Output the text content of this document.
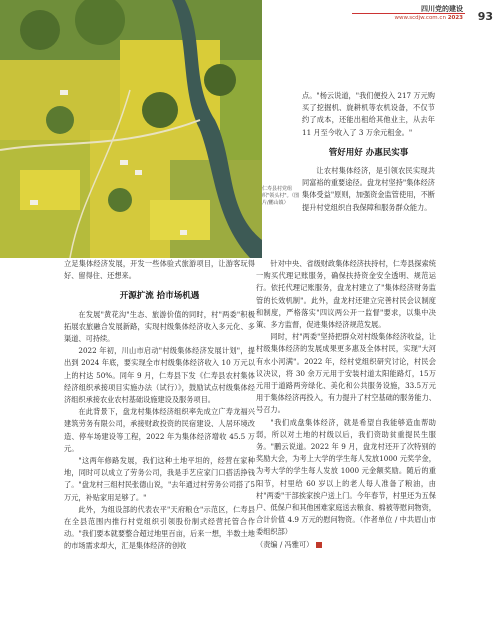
四川党的建设
www.scdjw.com.cn 2023 93
仁寿县村党组织"领头村"。（图片/鹏山镇）

点。"杨云说道，"我们便投入 217 万元购买了挖掘机、旋耕机等农机设备，不仅节约了成本，还能出租给其他业主，从去年 11 月至今收入了 3 万余元租金。"

管好用好 办惠民实事

让农村集体经济，是引领农民实现共同富裕的重要途径。盘龙村坚持"集体经济集体受益"原则，加强资金监管使用，不断提升村党组织自我保障和服务群众能力。

针对中央、省级财政集体经济扶持村，仁寿县探索统一购买代理记账服务，确保扶持资金安全透明、规范运行。依托代理记账服务，盘龙村建立了"集体经济财务监管的长效机制"。此外，盘龙村还建立完善村民会议制度和制度，严格落实"四议两公开一监督"要求，以集中决策、多方监督，促进集体经济规范发展。

同时，村"两委"坚持把群众对村级集体经济收益，让村级集体经济的发展成果更多惠及全体村民，实现"大河有水小河满"。2022 年，经村党组织研究讨论，村民会议决议，将 30 余万元用于安装村道太阳能路灯，15万元用于道路两旁绿化、美化和公共服务设施，33.5万元用于集体经济再投入，有力提升了村空基础的服务能力、号召力。

"我们成盘集体经济，就是希望自我能够造血帮助弱，所以对土地的村级以后，我们资助贫重提民生服务。"鹏云说道。2022 年 9 月，盘龙村还开了次特别的奖励大会，为考上大学的学生每人发放1000 元奖学金，为考大学的学生每人发放 1000 元金额奖励。随后的重阳节，村里给 60 岁以上的老人每人准备了粮油，由村"两委"干部挨家挨户送上门。今年春节，村里还为五保户、低保户和其他困难家庭送去粮食、棉被等慰问物资，合计价值 4.9 万元的慰问物资。（作者单位 / 中共眉山市委组织部）

（责编 / 冯雅可）

立足集体经济发展，开发一些体验式旅游项目，让游客玩得好、留得住、还想来。

开源扩流 拾市场机遇

在发展"黄花沟"生态、旅游价值的同时，村"两委"积极拓展农旅融合发展新路，实现村级集体经济收入多元化、多渠道、可持续。

2022 年初，川山市启动"村级集体经济发展计划"，提出到 2024 年底，要实现全市村级集体经济收入 10 万元以上的村达 50%。同年 9 月，仁寿县下发《仁寿县农村集体经济组织承接项目实施办法（试行）》，鼓励试点村级集体经济组织承接农业农村基础设施建设及服务项目。

在此背景下，盘龙村集体经济组织率先成立广寿龙福兴建筑劳务有限公司，承接财政投资的民宿建设、人居环境改造、停车场建设等工程，2022 年为集体经济增收 45.5 万元。

"这两年修路发展，我们这种土地平坦的，经营在家种地，同时可以成立了劳务公司，我是手艺应家门口搭活挣钱了。"盘龙村三组村民张德山说，"去年通过村劳务公司搭了5 万元，补贴家用足够了。"

此外，为组设部的代表农平"天府粮仓"示范区，仁寿县在全县范围内推行村党组织引领股份制式经营托管合作动。"我们要本就要整合超过地里百亩，后来一想，半数土地的市场需求却大，汇是集体经济的创收
